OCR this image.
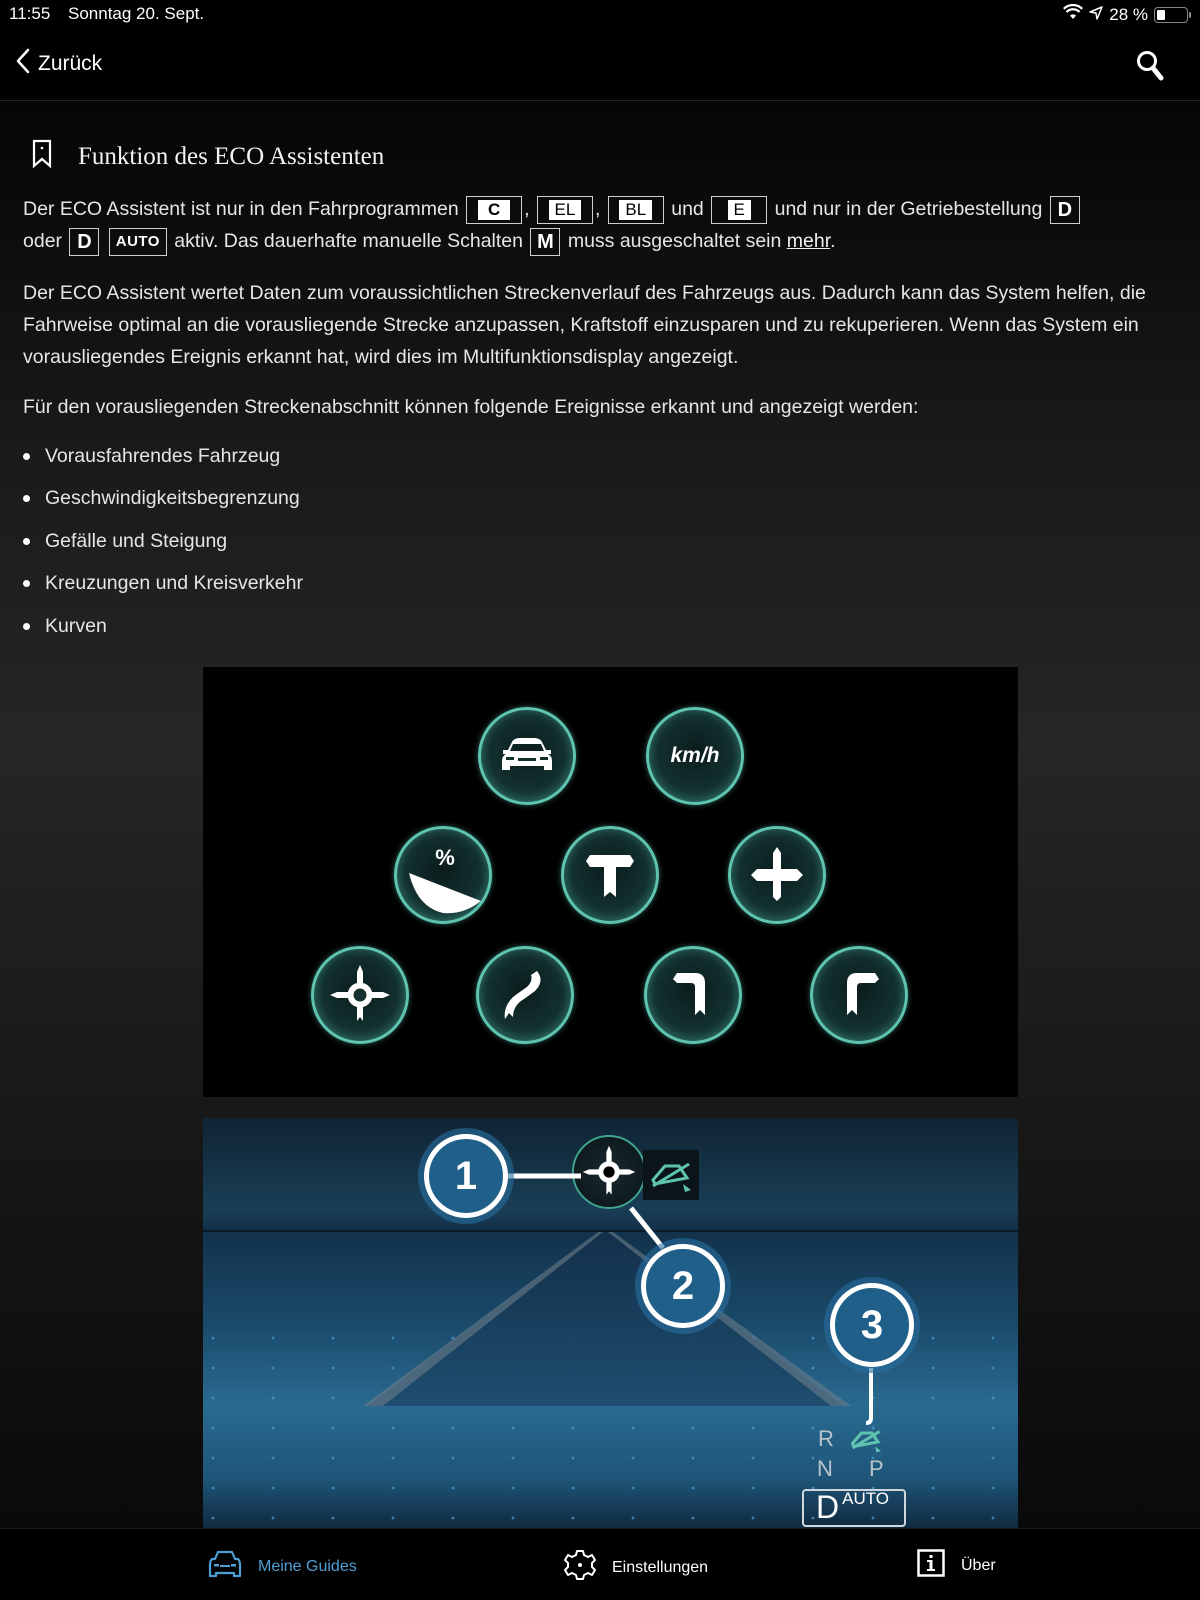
11:55 Sonntag 20. Sept.	28 %
Zurück
Funktion des ECO Assistenten
Der ECO Assistent ist nur in den Fahrprogrammen	C	,	EL	,	BL	und	E	und nur in der Getriebestellung D
oder D AUTO aktiv. Das dauerhafte manuelle Schalten M muss ausgeschaltet sein mehr.
Der ECO Assistent wertet Daten zum voraussichtlichen Streckenverlauf des Fahrzeugs aus. Dadurch kann das System helfen, die Fahrweise optimal an die vorausliegende Strecke anzupassen, Kraftstoff einzusparen und zu rekuperieren. Wenn das System ein vorausliegendes Ereignis erkannt hat, wird dies im Multifunktionsdisplay angezeigt.
Für den vorausliegenden Streckenabschnitt können folgende Ereignisse erkannt und angezeigt werden:
Vorausfahrendes Fahrzeug
Geschwindigkeitsbegrenzung
Gefälle und Steigung
Kreuzungen und Kreisverkehr
Kurven
km/h
%
1
2
3
R
N P
D AUTO
Meine Guides	Einstellungen	Über
